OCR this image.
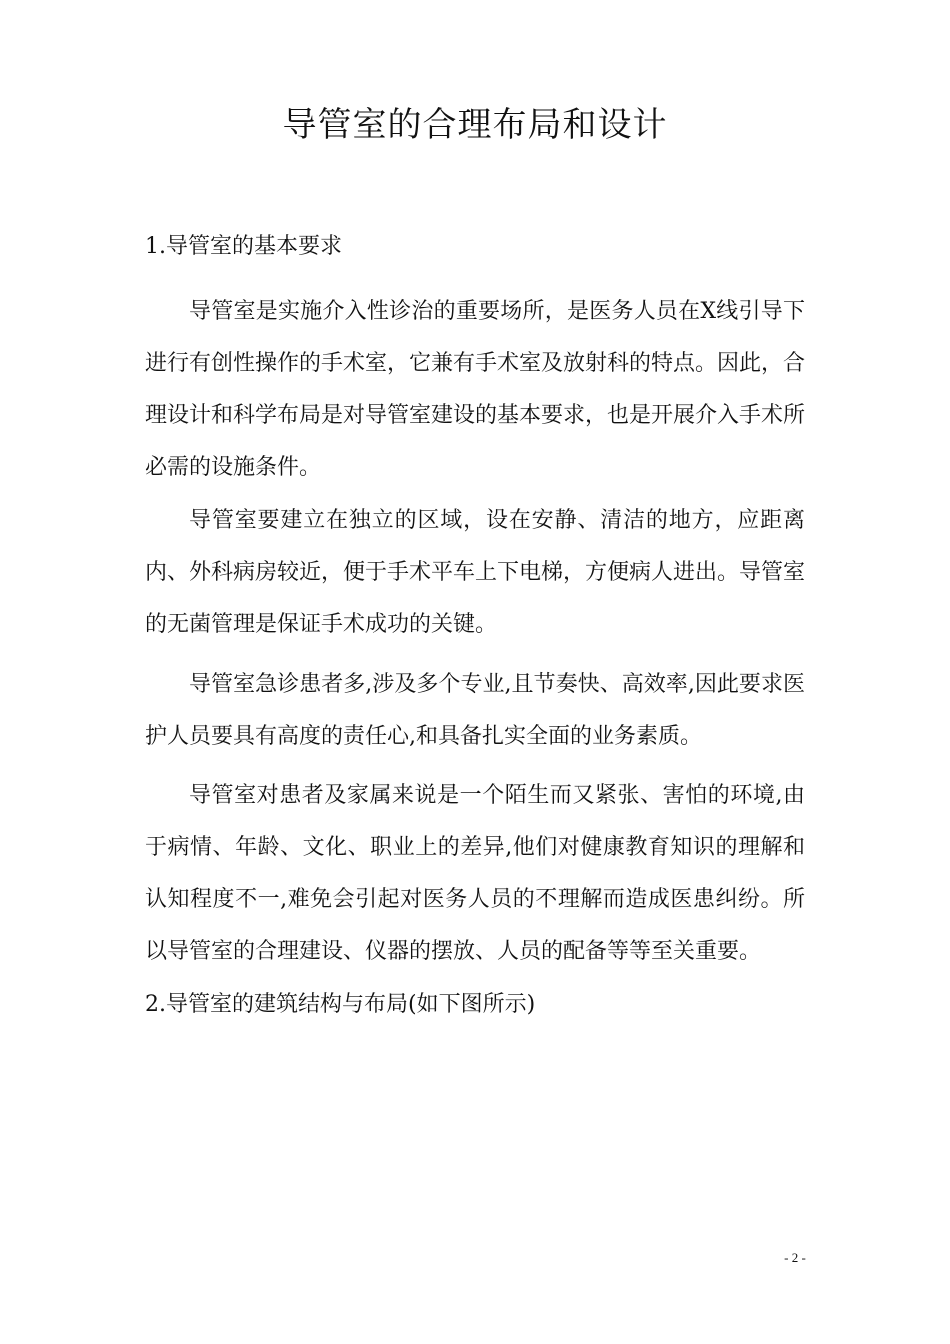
导管室的合理布局和设计
1.导管室的基本要求

导管室是实施介入性诊治的重要场所，是医务人员在X线引导下进行有创性操作的手术室，它兼有手术室及放射科的特点。因此，合理设计和科学布局是对导管室建设的基本要求，也是开展介入手术所必需的设施条件。

导管室要建立在独立的区域，设在安静、清洁的地方，应距离内、外科病房较近，便于手术平车上下电梯，方便病人进出。导管室的无菌管理是保证手术成功的关键。

导管室急诊患者多,涉及多个专业,且节奏快、高效率,因此要求医护人员要具有高度的责任心,和具备扎实全面的业务素质。

导管室对患者及家属来说是一个陌生而又紧张、害怕的环境,由于病情、年龄、文化、职业上的差异,他们对健康教育知识的理解和认知程度不一,难免会引起对医务人员的不理解而造成医患纠纷。所以导管室的合理建设、仪器的摆放、人员的配备等等至关重要。

2.导管室的建筑结构与布局(如下图所示)
- 2 -
